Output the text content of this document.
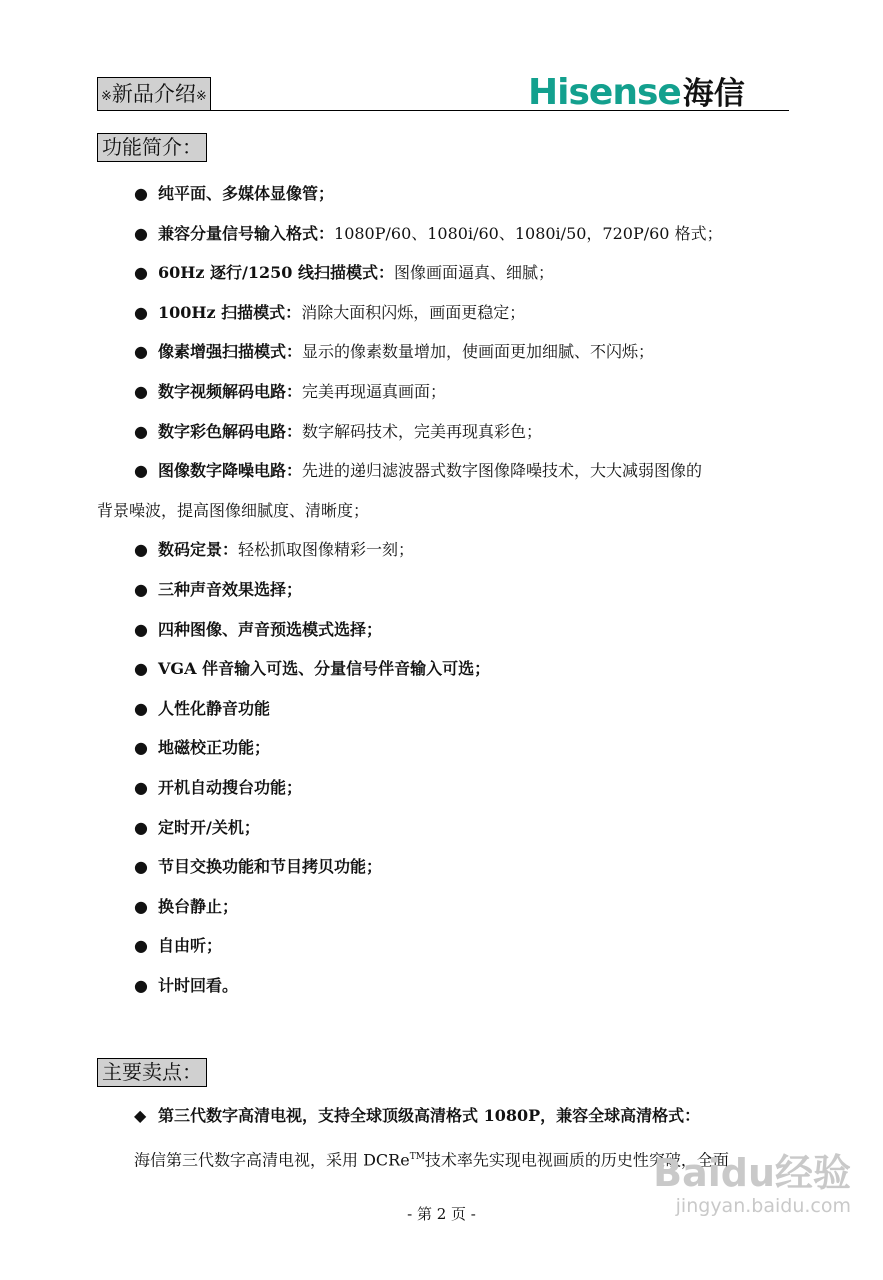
※新品介绍※	Hisense海信
功能简介：
● 纯平面、多媒体显像管；
● 兼容分量信号输入格式：1080P/60、1080i/60、1080i/50，720P/60 格式；
● 60Hz 逐行/1250 线扫描模式：图像画面逼真、细腻；
● 100Hz 扫描模式：消除大面积闪烁，画面更稳定；
● 像素增强扫描模式：显示的像素数量增加，使画面更加细腻、不闪烁；
● 数字视频解码电路：完美再现逼真画面；
● 数字彩色解码电路：数字解码技术，完美再现真彩色；
● 图像数字降噪电路：先进的递归滤波器式数字图像降噪技术，大大减弱图像的
背景噪波，提高图像细腻度、清晰度；
● 数码定景：轻松抓取图像精彩一刻；
● 三种声音效果选择；
● 四种图像、声音预选模式选择；
● VGA 伴音输入可选、分量信号伴音输入可选；
● 人性化静音功能
● 地磁校正功能；
● 开机自动搜台功能；
● 定时开/关机；
● 节目交换功能和节目拷贝功能；
● 换台静止；
● 自由听；
● 计时回看。
主要卖点：
◆ 第三代数字高清电视，支持全球顶级高清格式 1080P，兼容全球高清格式：
海信第三代数字高清电视，采用 DCRe™技术率先实现电视画质的历史性突破，全面
- 第 2 页 -
Baidu经验
jingyan.baidu.com
